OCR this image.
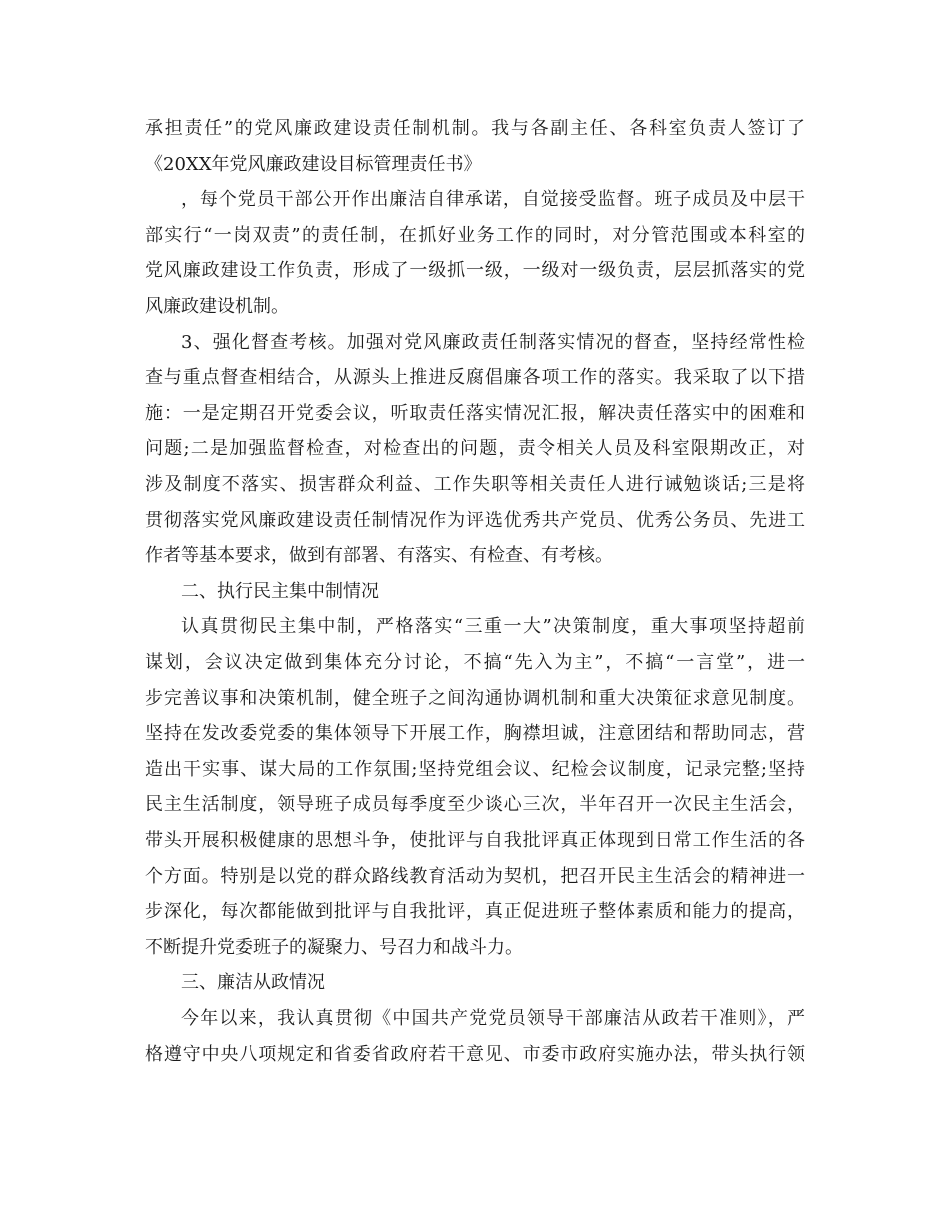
承担责任”的党风廉政建设责任制机制。我与各副主任、各科室负责人签订了
《20XX年党风廉政建设目标管理责任书》
，每个党员干部公开作出廉洁自律承诺，自觉接受监督。班子成员及中层干
部实行“一岗双责”的责任制，在抓好业务工作的同时，对分管范围或本科室的
党风廉政建设工作负责，形成了一级抓一级，一级对一级负责，层层抓落实的党
风廉政建设机制。
3、强化督查考核。加强对党风廉政责任制落实情况的督查，坚持经常性检
查与重点督查相结合，从源头上推进反腐倡廉各项工作的落实。我采取了以下措
施：一是定期召开党委会议，听取责任落实情况汇报，解决责任落实中的困难和
问题;二是加强监督检查，对检查出的问题，责令相关人员及科室限期改正，对
涉及制度不落实、损害群众利益、工作失职等相关责任人进行诫勉谈话;三是将
贯彻落实党风廉政建设责任制情况作为评选优秀共产党员、优秀公务员、先进工
作者等基本要求，做到有部署、有落实、有检查、有考核。
二、执行民主集中制情况
认真贯彻民主集中制，严格落实“三重一大”决策制度，重大事项坚持超前
谋划，会议决定做到集体充分讨论，不搞“先入为主”，不搞“一言堂”，进一
步完善议事和决策机制，健全班子之间沟通协调机制和重大决策征求意见制度。
坚持在发改委党委的集体领导下开展工作，胸襟坦诚，注意团结和帮助同志，营
造出干实事、谋大局的工作氛围;坚持党组会议、纪检会议制度，记录完整;坚持
民主生活制度，领导班子成员每季度至少谈心三次，半年召开一次民主生活会，
带头开展积极健康的思想斗争，使批评与自我批评真正体现到日常工作生活的各
个方面。特别是以党的群众路线教育活动为契机，把召开民主生活会的精神进一
步深化，每次都能做到批评与自我批评，真正促进班子整体素质和能力的提高，
不断提升党委班子的凝聚力、号召力和战斗力。
三、廉洁从政情况
今年以来，我认真贯彻《中国共产党党员领导干部廉洁从政若干准则》，严
格遵守中央八项规定和省委省政府若干意见、市委市政府实施办法，带头执行领
